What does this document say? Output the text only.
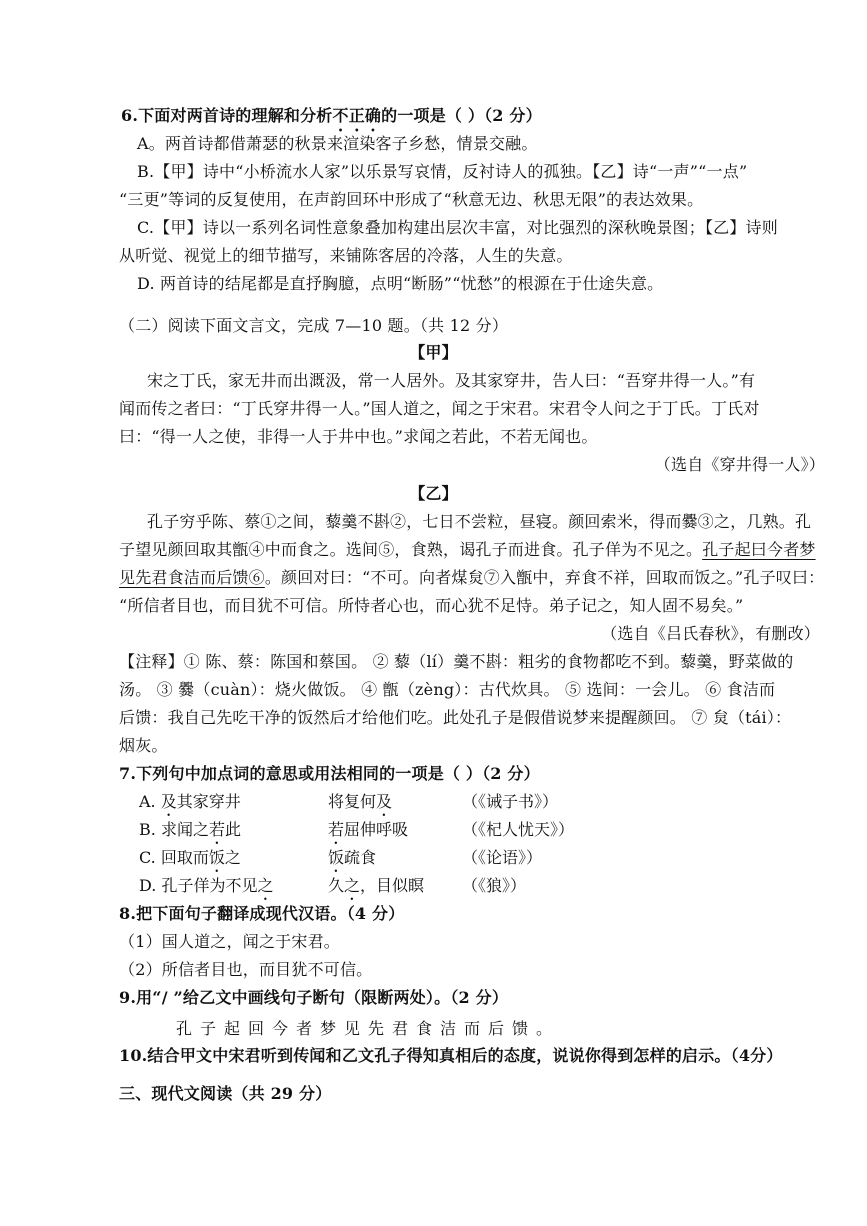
6.下面对两首诗的理解和分析不正确的一项是（ ）（2 分）
A。两首诗都借萧瑟的秋景来渲染客子乡愁，情景交融。
B.【甲】诗中“小桥流水人家”以乐景写哀情，反衬诗人的孤独。【乙】诗“一声”“一点”
“三更”等词的反复使用，在声韵回环中形成了“秋意无边、秋思无限”的表达效果。
C.【甲】诗以一系列名词性意象叠加构建出层次丰富，对比强烈的深秋晚景图；【乙】诗则
从听觉、视觉上的细节描写，来铺陈客居的冷落，人生的失意。
D. 两首诗的结尾都是直抒胸臆，点明“断肠”“忧愁”的根源在于仕途失意。
（二）阅读下面文言文，完成 7—10 题。（共 12 分）
【甲】
宋之丁氏，家无井而出溉汲，常一人居外。及其家穿井，告人曰：“吾穿井得一人。”有
闻而传之者曰：“丁氏穿井得一人。”国人道之，闻之于宋君。宋君令人问之于丁氏。丁氏对
曰：“得一人之使，非得一人于井中也。”求闻之若此，不若无闻也。
（选自《穿井得一人》）
【乙】
孔子穷乎陈、蔡①之间，藜羹不斟②，七日不尝粒，昼寝。颜回索米，得而爨③之，几熟。孔
子望见颜回取其甑④中而食之。选间⑤，食熟，谒孔子而进食。孔子佯为不见之。孔子起曰今者梦
见先君食洁而后馈⑥。颜回对曰：“不可。向者煤炱⑦入甑中，弃食不祥，回取而饭之。”孔子叹曰：
“所信者目也，而目犹不可信。所恃者心也，而心犹不足恃。弟子记之，知人固不易矣。”
（选自《吕氏春秋》，有删改）
【注释】① 陈、蔡：陈国和蔡国。 ② 藜（lí）羹不斟：粗劣的食物都吃不到。藜羹，野菜做的
汤。 ③ 爨（cuàn）：烧火做饭。 ④ 甑（zèng）：古代炊具。 ⑤ 选间：一会儿。 ⑥ 食洁而
后馈：我自己先吃干净的饭然后才给他们吃。此处孔子是假借说梦来提醒颜回。 ⑦ 炱（tái）：
烟灰。
7.下列句中加点词的意思或用法相同的一项是（ ）（2 分）
A. 及其家穿井	将复何及	（《诫子书》）
B. 求闻之若此	若屈伸呼吸	（《杞人忧天》）
C. 回取而饭之	饭疏食	（《论语》）
D. 孔子佯为不见之	久之，目似瞑 （《狼》）
8.把下面句子翻译成现代汉语。（4 分）
（1）国人道之，闻之于宋君。
（2）所信者目也，而目犹不可信。
9.用“/ ”给乙文中画线句子断句（限断两处）。（2 分）
孔子起回今者梦见先君食洁而后馈。
10.结合甲文中宋君听到传闻和乙文孔子得知真相后的态度，说说你得到怎样的启示。（4分）
三、现代文阅读（共 29 分）
